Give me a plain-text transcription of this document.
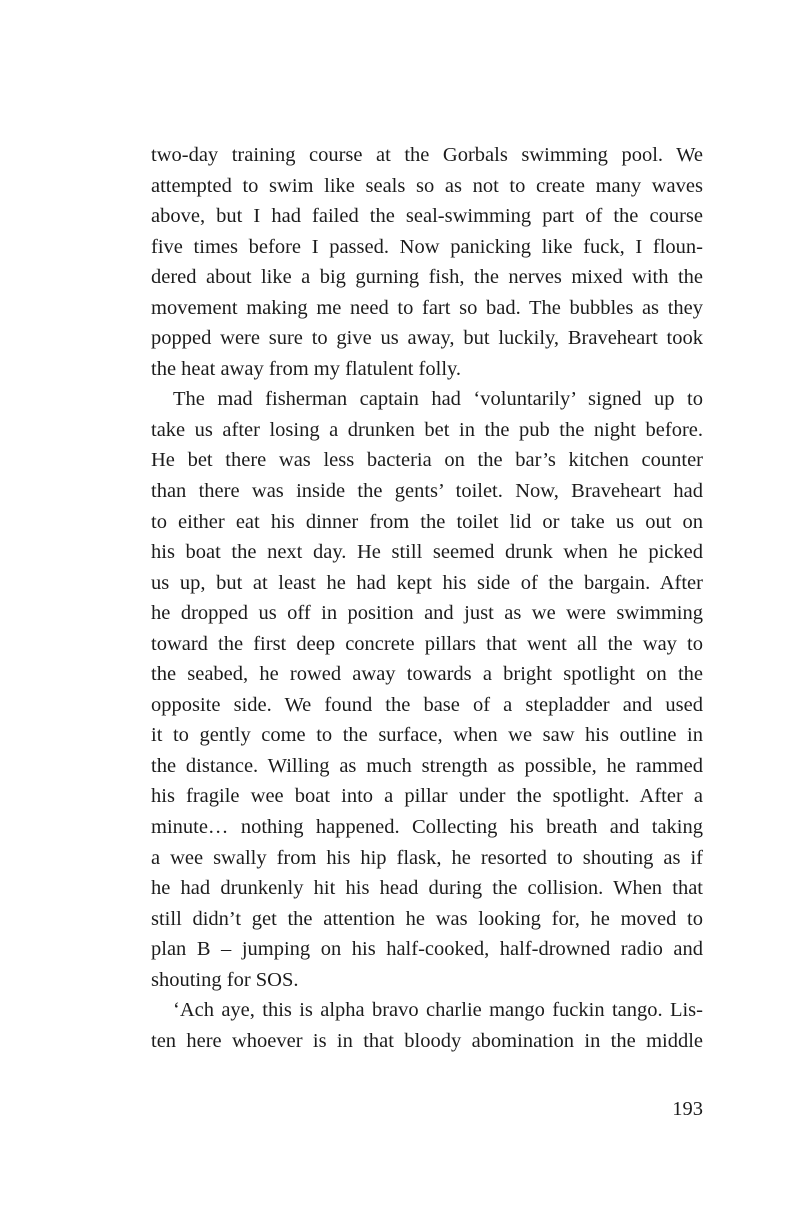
two-day training course at the Gorbals swimming pool. We
attempted to swim like seals so as not to create many waves
above, but I had failed the seal-swimming part of the course
five times before I passed. Now panicking like fuck, I floun-
dered about like a big gurning fish, the nerves mixed with the
movement making me need to fart so bad. The bubbles as they
popped were sure to give us away, but luckily, Braveheart took
the heat away from my flatulent folly.
The mad fisherman captain had ‘voluntarily’ signed up to
take us after losing a drunken bet in the pub the night before.
He bet there was less bacteria on the bar’s kitchen counter
than there was inside the gents’ toilet. Now, Braveheart had
to either eat his dinner from the toilet lid or take us out on
his boat the next day. He still seemed drunk when he picked
us up, but at least he had kept his side of the bargain. After
he dropped us off in position and just as we were swimming
toward the first deep concrete pillars that went all the way to
the seabed, he rowed away towards a bright spotlight on the
opposite side. We found the base of a stepladder and used
it to gently come to the surface, when we saw his outline in
the distance. Willing as much strength as possible, he rammed
his fragile wee boat into a pillar under the spotlight. After a
minute… nothing happened. Collecting his breath and taking
a wee swally from his hip flask, he resorted to shouting as if
he had drunkenly hit his head during the collision. When that
still didn’t get the attention he was looking for, he moved to
plan B – jumping on his half-cooked, half-drowned radio and
shouting for SOS.
‘Ach aye, this is alpha bravo charlie mango fuckin tango. Lis-
ten here whoever is in that bloody abomination in the middle
193
